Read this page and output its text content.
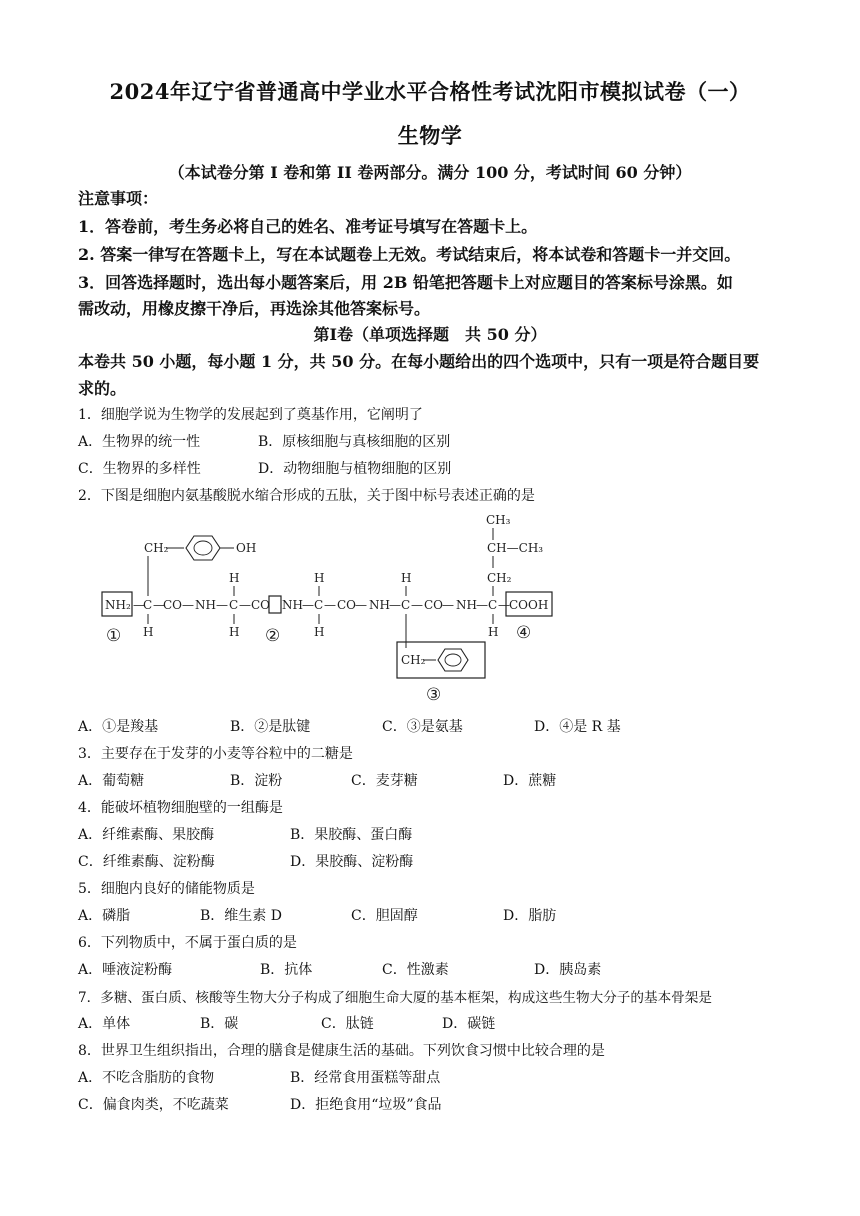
2024年辽宁省普通高中学业水平合格性考试沈阳市模拟试卷（一）
生物学
（本试卷分第 I 卷和第 II 卷两部分。满分 100 分，考试时间 60 分钟）
注意事项：
1．答卷前，考生务必将自己的姓名、准考证号填写在答题卡上。
2. 答案一律写在答题卡上，写在本试题卷上无效。考试结束后，将本试卷和答题卡一并交回。
3．回答选择题时，选出每小题答案后，用 2B 铅笔把答题卡上对应题目的答案标号涂黑。如
需改动，用橡皮擦干净后，再选涂其他答案标号。
第Ⅰ卷（单项选择题　共 50 分）
本卷共 50 小题，每小题 1 分，共 50 分。在每小题给出的四个选项中，只有一项是符合题目要
求的。
1．细胞学说为生物学的发展起到了奠基作用，它阐明了
A．生物界的统一性	B．原核细胞与真核细胞的区别
C．生物界的多样性	D．动物细胞与植物细胞的区别
2．下图是细胞内氨基酸脱水缩合形成的五肽，关于图中标号表述正确的是
CH₂	OH
CH₃
CH—CH₃
CH₂
H	H	H
NH₂ —
C —
CO — NH — C — CO NH — C — CO
— NH — C — CO
— NH — C — COOH
H	H	H	H
CH₂
①	②
③
④
A．①是羧基	B．②是肽键	C．③是氨基	D．④是 R 基
3．主要存在于发芽的小麦等谷粒中的二糖是
A．葡萄糖	B．淀粉	C．麦芽糖	D．蔗糖
4．能破坏植物细胞壁的一组酶是
A．纤维素酶、果胶酶	B．果胶酶、蛋白酶
C．纤维素酶、淀粉酶	D．果胶酶、淀粉酶
5．细胞内良好的储能物质是
A．磷脂	B．维生素 D	C．胆固醇	D．脂肪
6．下列物质中，不属于蛋白质的是
A．唾液淀粉酶	B．抗体	C．性激素	D．胰岛素
7．多糖、蛋白质、核酸等生物大分子构成了细胞生命大厦的基本框架，构成这些生物大分子的基本骨架是
A．单体	B．碳	C．肽链	D．碳链
8．世界卫生组织指出，合理的膳食是健康生活的基础。下列饮食习惯中比较合理的是
A．不吃含脂肪的食物	B．经常食用蛋糕等甜点
C．偏食肉类，不吃蔬菜	D．拒绝食用“垃圾”食品
